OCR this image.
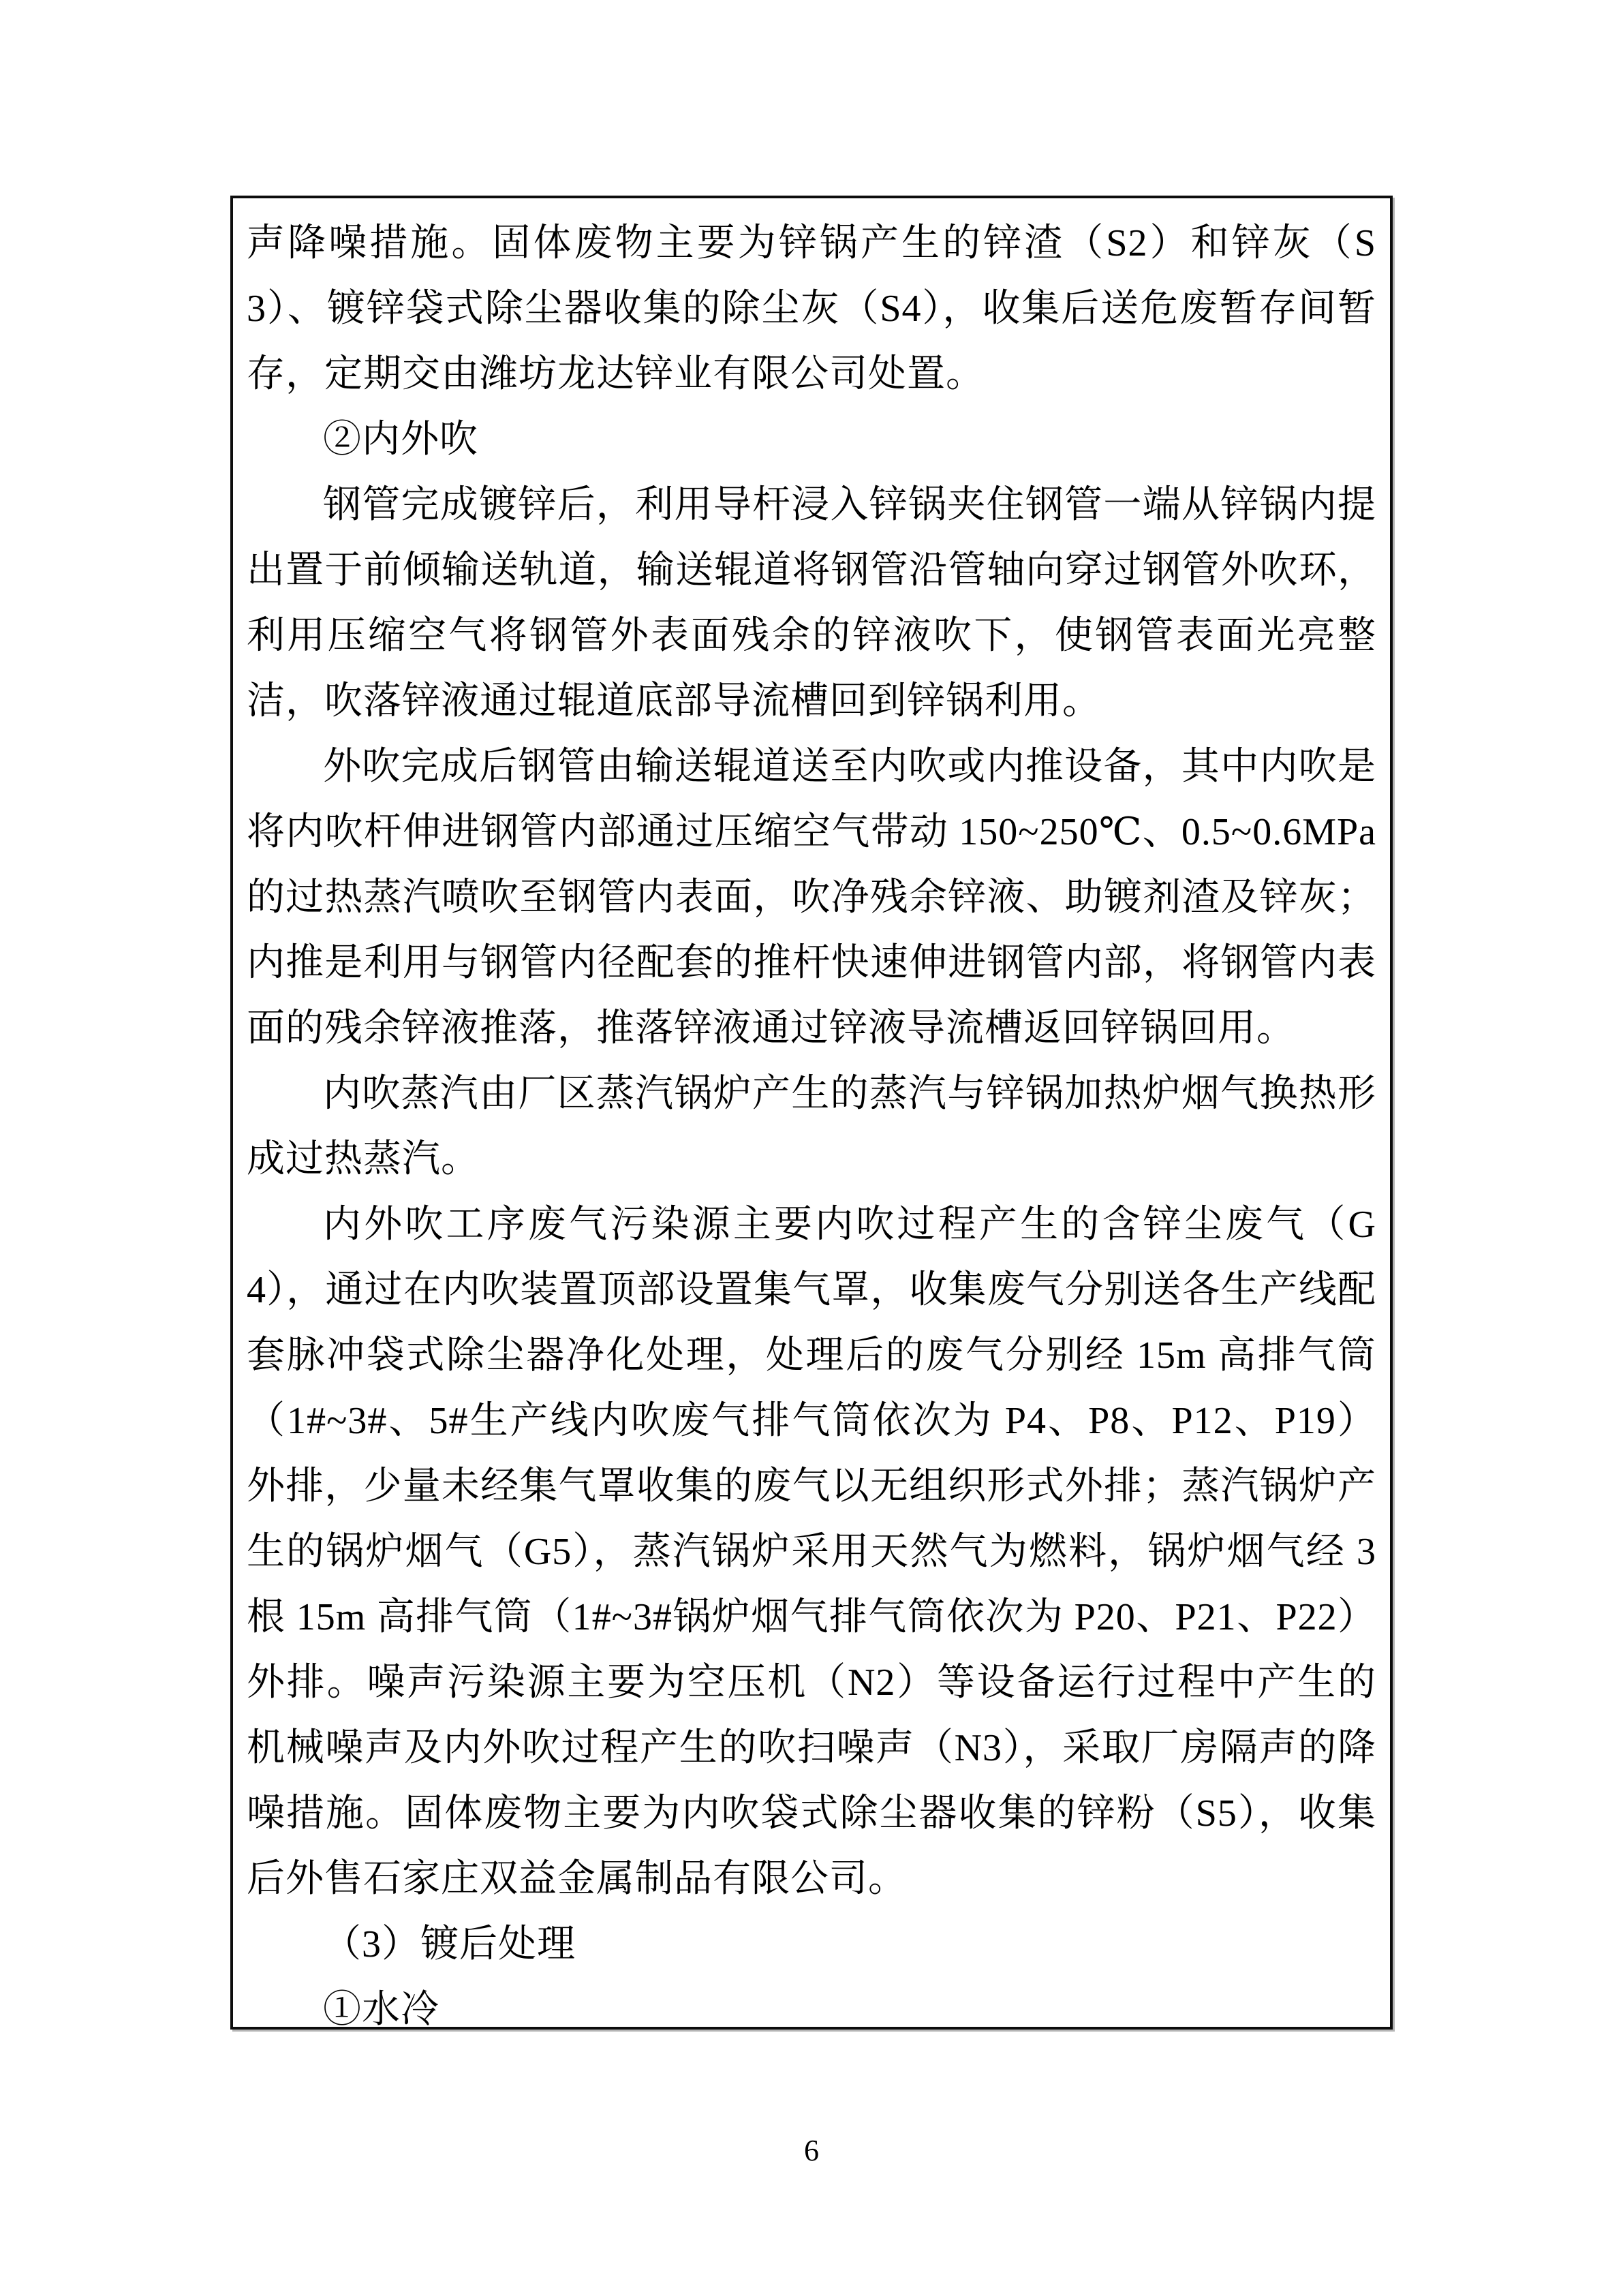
声降噪措施。固体废物主要为锌锅产生的锌渣（S2）和锌灰（S3）、镀锌袋式除尘器收集的除尘灰（S4），收集后送危废暂存间暂存，定期交由潍坊龙达锌业有限公司处置。

②内外吹

钢管完成镀锌后，利用导杆浸入锌锅夹住钢管一端从锌锅内提出置于前倾输送轨道，输送辊道将钢管沿管轴向穿过钢管外吹环，利用压缩空气将钢管外表面残余的锌液吹下，使钢管表面光亮整洁，吹落锌液通过辊道底部导流槽回到锌锅利用。

外吹完成后钢管由输送辊道送至内吹或内推设备，其中内吹是将内吹杆伸进钢管内部通过压缩空气带动 150~250℃、0.5~0.6MPa 的过热蒸汽喷吹至钢管内表面，吹净残余锌液、助镀剂渣及锌灰；内推是利用与钢管内径配套的推杆快速伸进钢管内部，将钢管内表面的残余锌液推落，推落锌液通过锌液导流槽返回锌锅回用。

内吹蒸汽由厂区蒸汽锅炉产生的蒸汽与锌锅加热炉烟气换热形成过热蒸汽。

内外吹工序废气污染源主要内吹过程产生的含锌尘废气（G4），通过在内吹装置顶部设置集气罩，收集废气分别送各生产线配套脉冲袋式除尘器净化处理，处理后的废气分别经 15m 高排气筒（1#~3#、5#生产线内吹废气排气筒依次为 P4、P8、P12、P19）外排，少量未经集气罩收集的废气以无组织形式外排；蒸汽锅炉产生的锅炉烟气（G5），蒸汽锅炉采用天然气为燃料，锅炉烟气经 3 根 15m 高排气筒（1#~3#锅炉烟气排气筒依次为 P20、P21、P22）外排。噪声污染源主要为空压机（N2）等设备运行过程中产生的机械噪声及内外吹过程产生的吹扫噪声（N3），采取厂房隔声的降噪措施。固体废物主要为内吹袋式除尘器收集的锌粉（S5），收集后外售石家庄双益金属制品有限公司。

（3）镀后处理

①水冷

6
